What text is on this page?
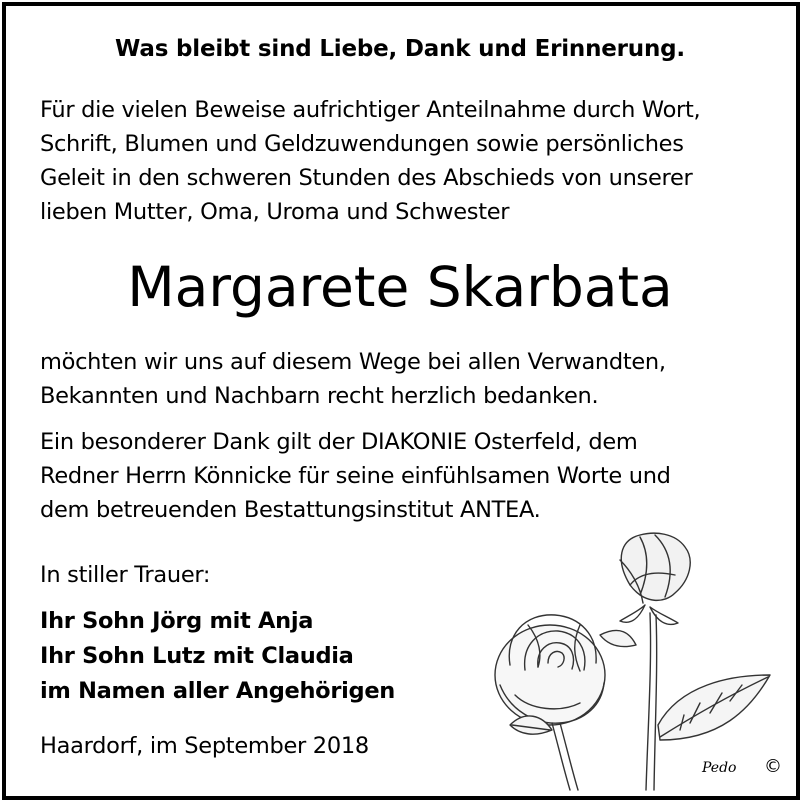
Was bleibt sind Liebe, Dank und Erinnerung.
Für die vielen Beweise aufrichtiger Anteilnahme durch Wort,
Schrift, Blumen und Geldzuwendungen sowie persönliches
Geleit in den schweren Stunden des Abschieds von unserer
lieben Mutter, Oma, Uroma und Schwester
Margarete Skarbata
möchten wir uns auf diesem Wege bei allen Verwandten,
Bekannten und Nachbarn recht herzlich bedanken.
Ein besonderer Dank gilt der DIAKONIE Osterfeld, dem
Redner Herrn Könnicke für seine einfühlsamen Worte und
dem betreuenden Bestattungsinstitut ANTEA.
In stiller Trauer:
Ihr Sohn Jörg mit Anja
Ihr Sohn Lutz mit Claudia
im Namen aller Angehörigen
Haardorf, im September 2018
Pedo ©
